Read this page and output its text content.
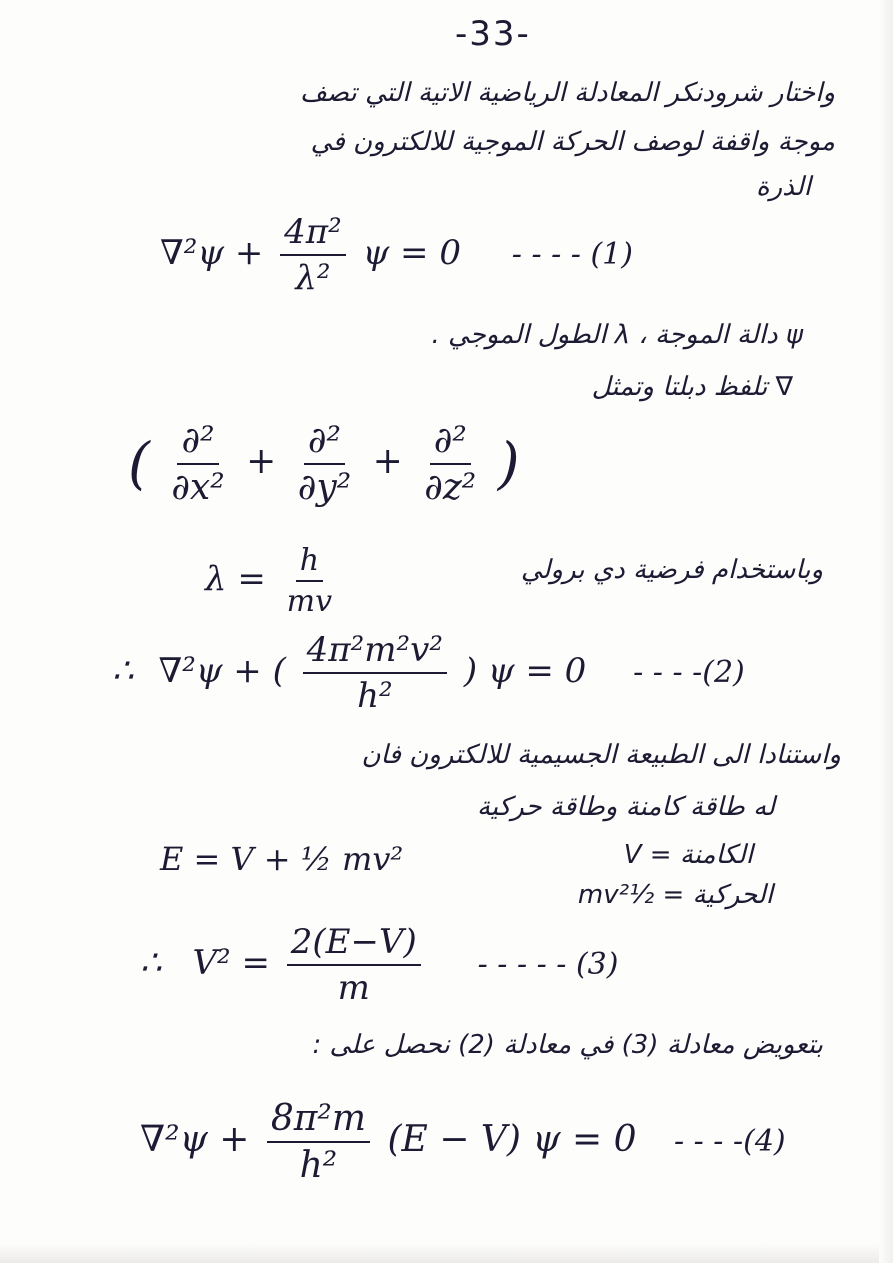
-33-
واختار شرودنكر المعادلة الرياضية الاتية التي تصف
موجة واقفة لوصف الحركة الموجية للالكترون في
الذرة
$\nabla^2\psi + \frac{\text{4π²}}{\text{λ²}}$ ψ = 0 - - - - (1)
ψ دالة الموجة ، λ الطول الموجي .
∇ تلفظ دبلتا وتمثل
( $\frac{\text{∂²}}{\text{∂x²}} + \frac{\text{∂²}}{\text{∂y²}} + \frac{\text{∂²}}{\text{∂z²}}$ )
$\lambda = \frac{h}{mv}$	وباستخدام فرضية دي برولي
∴ ∇²ψ + ( $\frac{\text{4π²m²v²}}{\text{h²}}$ ) ψ = 0 - - - -(2)
واستنادا الى الطبيعة الجسيمية للالكترون فان
له طاقة كامنة وطاقة حركية
E = V + ½ mv²	الكامنة = V
الحركية = ½mv²
∴ $V^2 = \frac{2(E-V)}{m}$ - - - - - (3)
بتعويض معادلة (3) في معادلة (2) نحصل على :
$\nabla^2\psi + \frac{\text{8π²m}}{\text{h²}} (E - V) \psi = 0$ - - - -(4)
